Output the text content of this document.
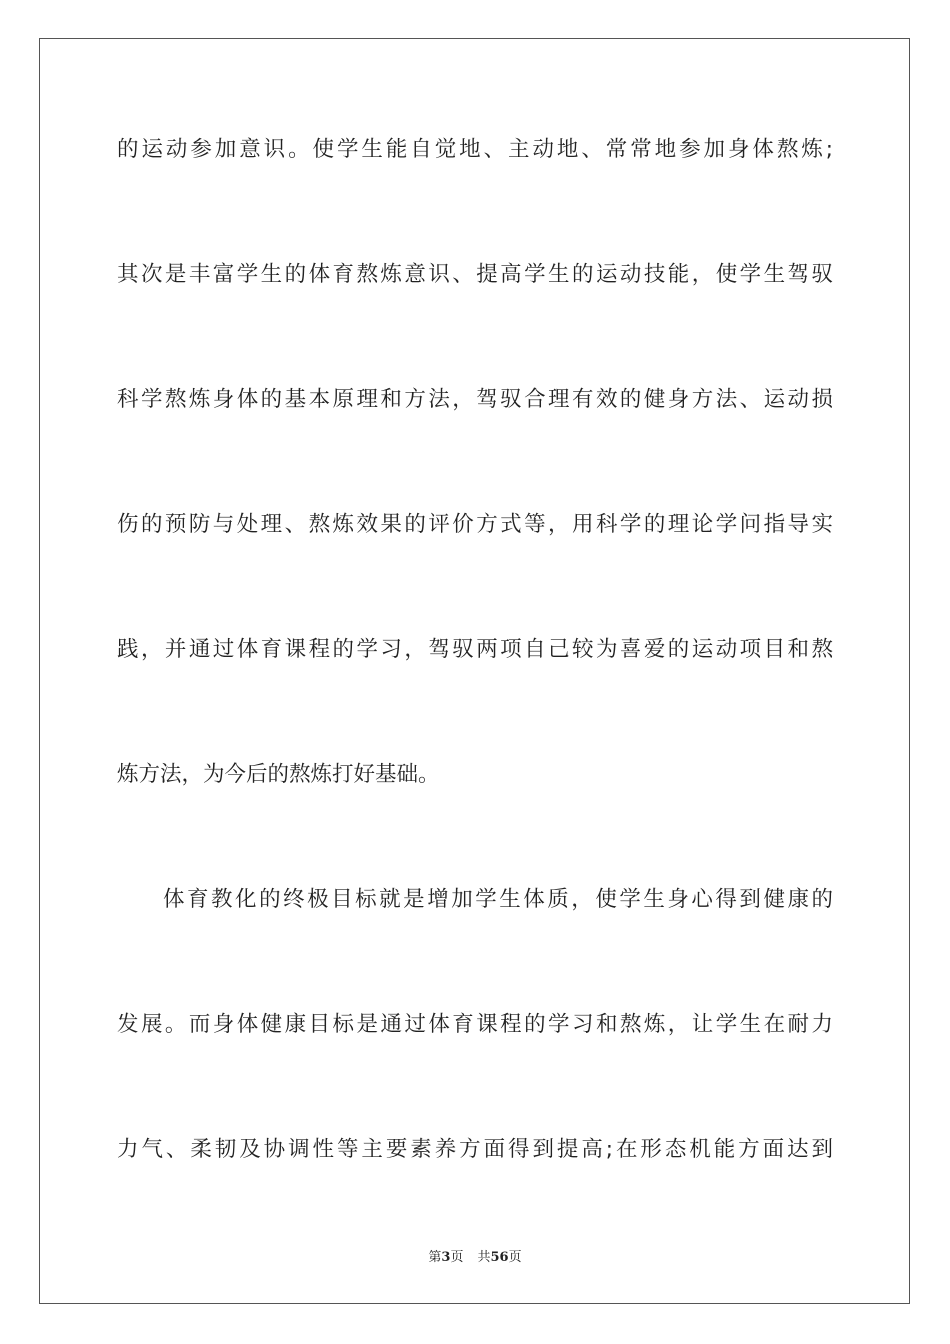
的运动参加意识。使学生能自觉地、主动地、常常地参加身体熬炼;
其次是丰富学生的体育熬炼意识、提高学生的运动技能，使学生驾驭
科学熬炼身体的基本原理和方法，驾驭合理有效的健身方法、运动损
伤的预防与处理、熬炼效果的评价方式等，用科学的理论学问指导实
践，并通过体育课程的学习，驾驭两项自己较为喜爱的运动项目和熬
炼方法，为今后的熬炼打好基础。
体育教化的终极目标就是增加学生体质，使学生身心得到健康的
发展。而身体健康目标是通过体育课程的学习和熬炼，让学生在耐力
力气、柔韧及协调性等主要素养方面得到提高;在形态机能方面达到
第3页 共56页
